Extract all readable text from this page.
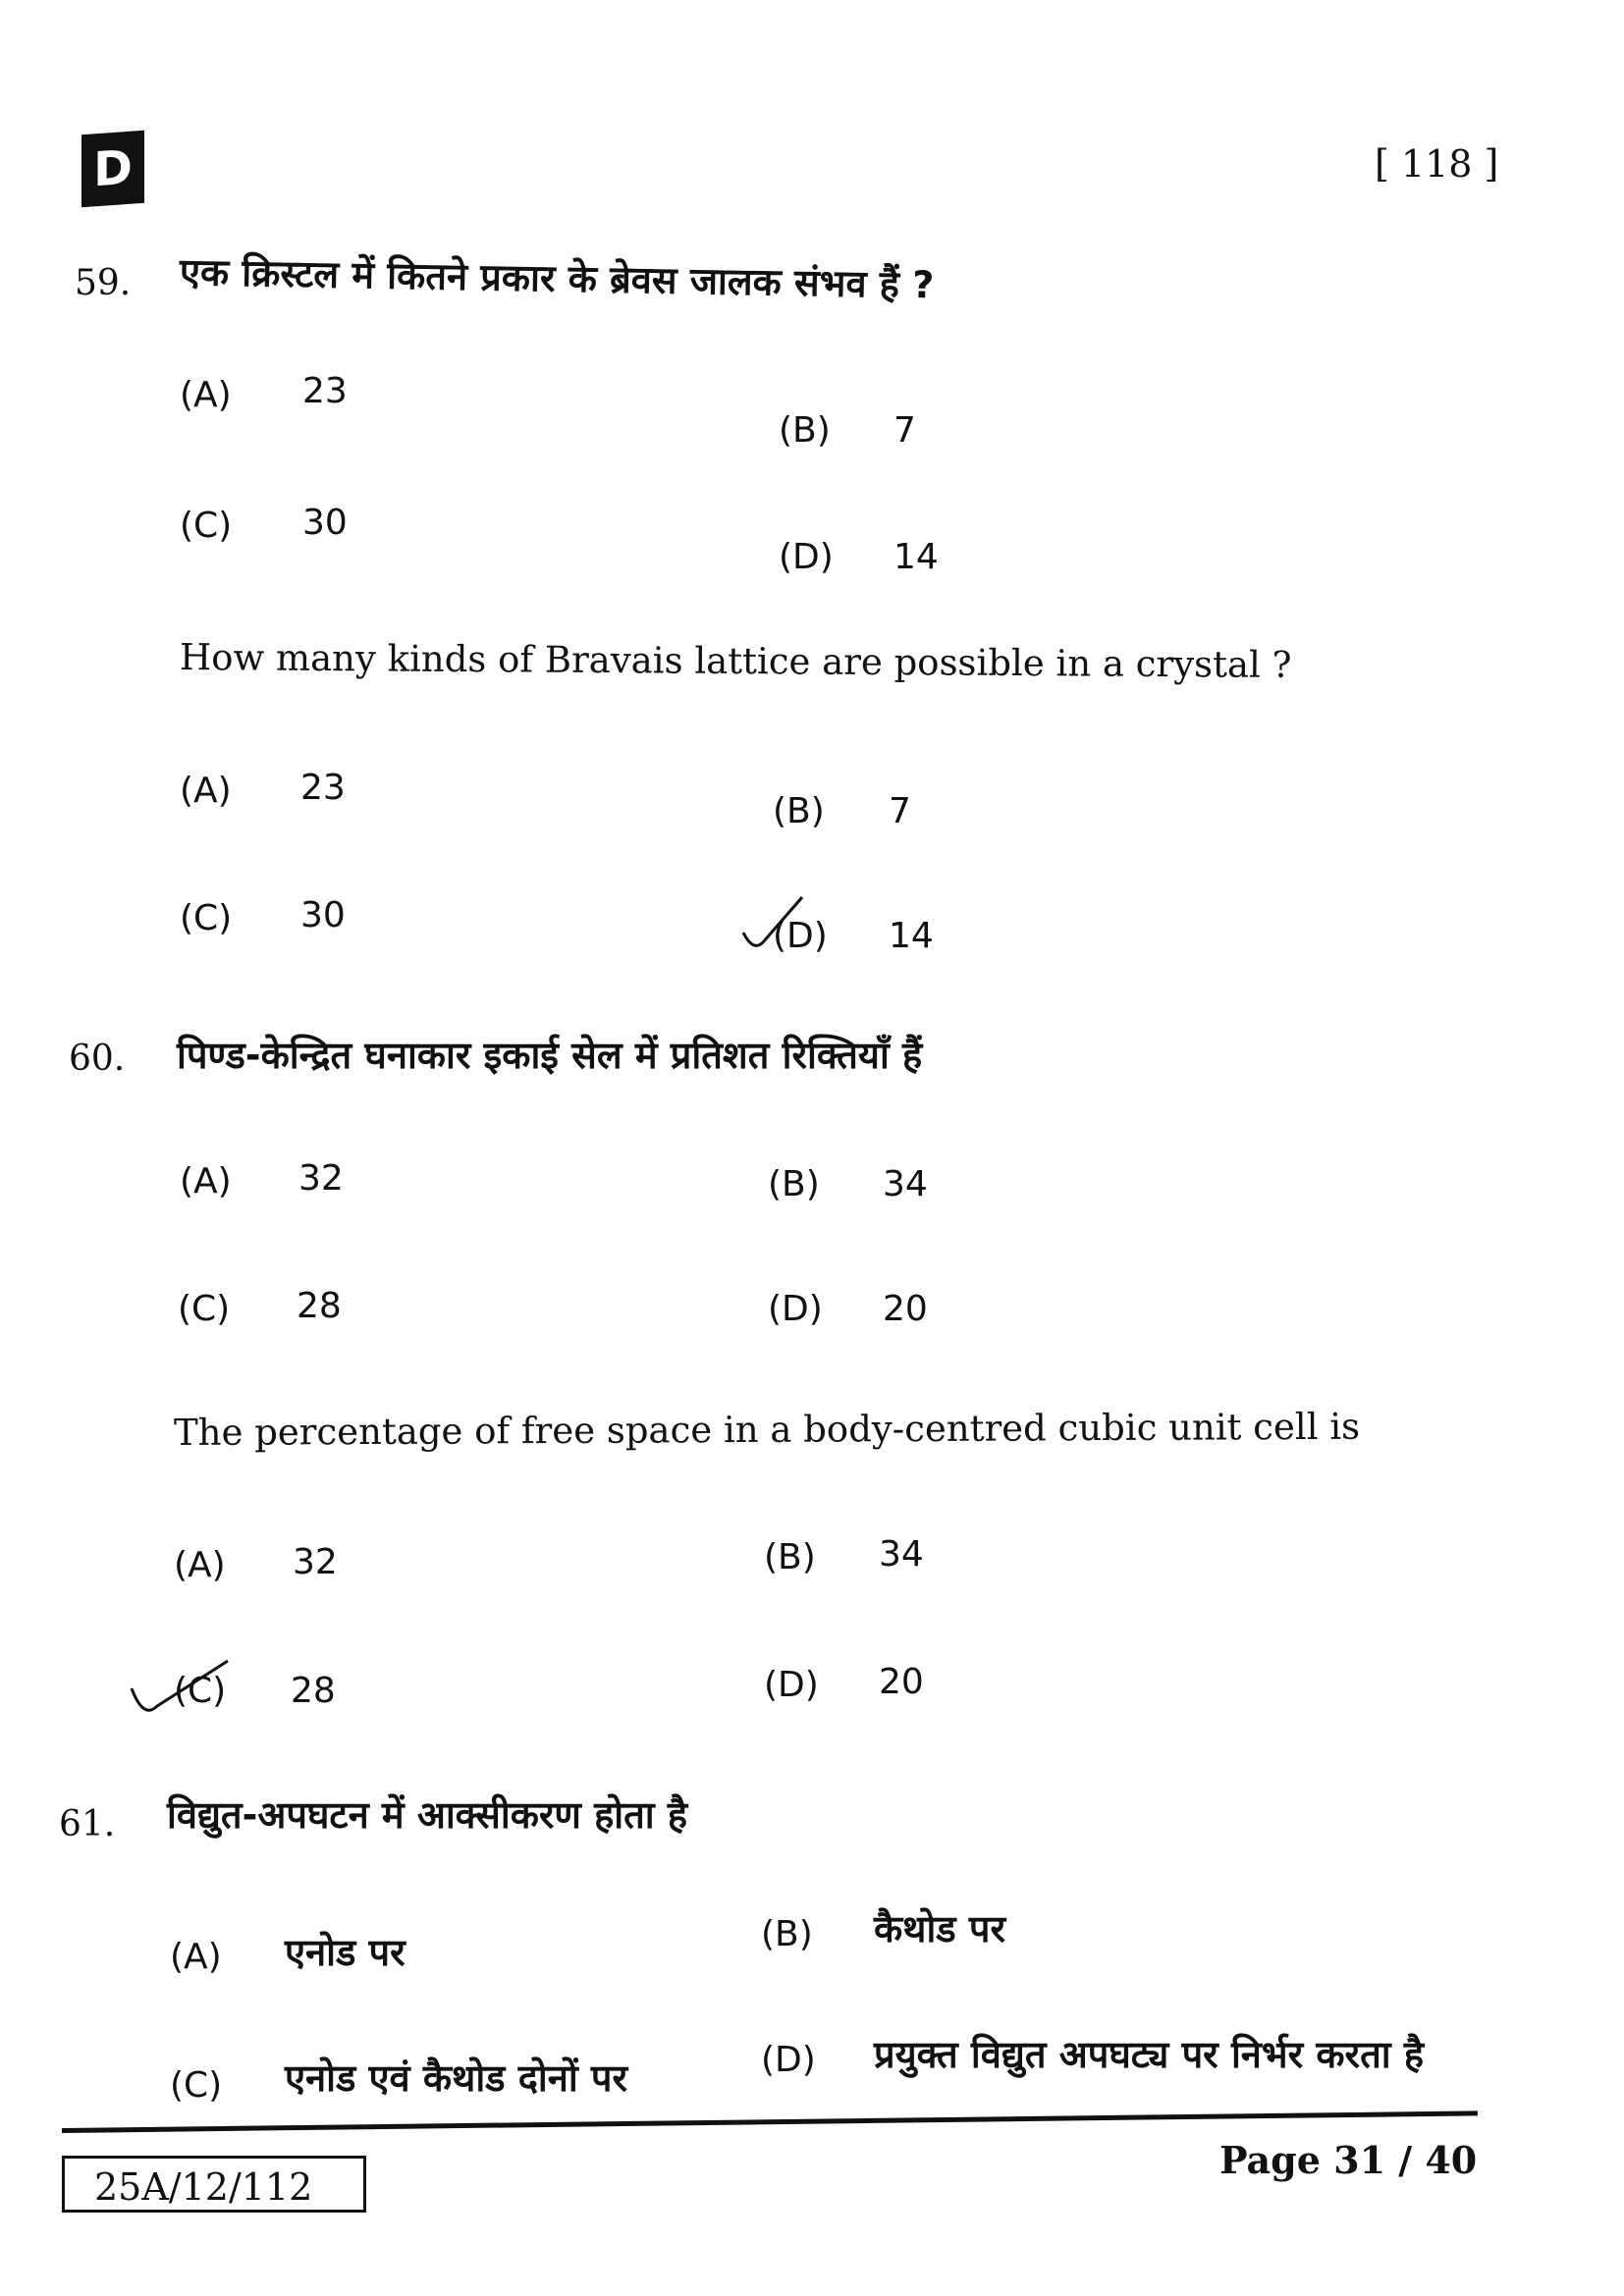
D	[ 118 ]
59. एक क्रिस्टल में कितने प्रकार के ब्रेवस जालक संभव हैं ?
(A) 23
(B) 7
(C) 30
(D) 14
How many kinds of Bravais lattice are possible in a crystal ?
(A) 23
(B) 7
(C) 30
(D) 14
60. पिण्ड-केन्द्रित घनाकार इकाई सेल में प्रतिशत रिक्तियाँ हैं
(A) 32	(B) 34
(C) 28	(D) 20
The percentage of free space in a body-centred cubic unit cell is
(A) 32	(B) 34
(C) 28	(D) 20
61. विद्युत-अपघटन में आक्सीकरण होता है
(A) एनोड पर	(B) कैथोड पर
(C) एनोड एवं कैथोड दोनों पर	(D) प्रयुक्त विद्युत अपघट्य पर निर्भर करता है
25A/12/112
Page 31 / 40
